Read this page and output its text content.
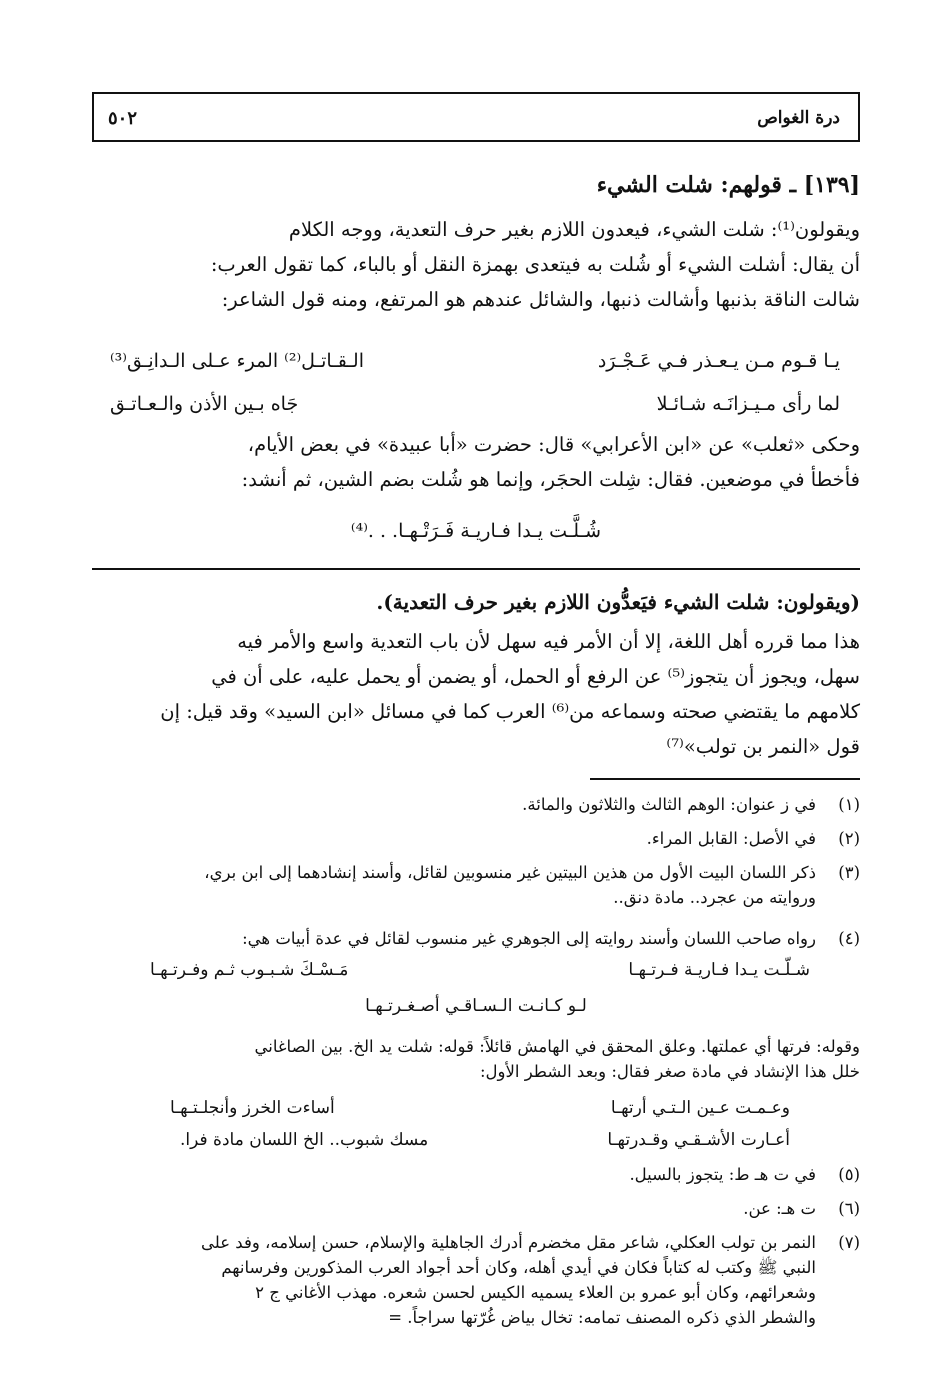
درة الغواص
٥٠٢
[١٣٩] ـ قولهم: شلت الشيء
ويقولون⁽¹⁾: شلت الشيء، فيعدون اللازم بغير حرف التعدية، ووجه الكلام
أن يقال: أشلت الشيء أو شُلت به فيتعدى بهمزة النقل أو بالباء، كما تقول العرب:
شالت الناقة بذنبها وأشالت ذنبها، والشائل عندهم هو المرتفع، ومنه قول الشاعر:
يـا قـوم مـن يـعـذر فـي عَـجْـرَد
الـقـاتـل⁽²⁾ المرء عـلى الـدانِـق⁽³⁾
لما رأى مـيـزانَـه شـائـلا
جَاه بـين الأذن والـعـاتـق
وحكى «ثعلب» عن «ابن الأعرابي» قال: حضرت «أبا عبيدة» في بعض الأيام،
فأخطأ في موضعين. فقال: شِلت الحجَر، وإنما هو شُلت بضم الشين، ثم أنشد:
شُـلَّـت يـدا فـاريـة فَـرَتْـهـا. . .⁽⁴⁾
(ويقولون: شلت الشيء فيَعدُّون اللازم بغير حرف التعدية).
هذا مما قرره أهل اللغة، إلا أن الأمر فيه سهل لأن باب التعدية واسع والأمر فيه
سهل، ويجوز أن يتجوز⁽⁵⁾ عن الرفع أو الحمل، أو يضمن أو يحمل عليه، على أن في
كلامهم ما يقتضي صحته وسماعه من⁽⁶⁾ العرب كما في مسائل «ابن السيد» وقد قيل: إن
قول «النمر بن تولب»⁽⁷⁾
(١)
في ز عنوان: الوهم الثالث والثلاثون والمائة.
(٢)
في الأصل: القابل المراء.
(٣)
ذكر اللسان البيت الأول من هذين البيتين غير منسوبين لقائل، وأسند إنشادهما إلى ابن بري،
وروايته من عجرد.. مادة دنق..
(٤)
رواه صاحب اللسان وأسند روايته إلى الجوهري غير منسوب لقائل في عدة أبيات هي:
شـلّـت يـدا فـاريـة فـرتـهـا
مَـسْـكَ شـبـوب ثـم وفـرتـهـا
لـو كـانـت الـسـاقـي أصـغـرتـهـا
وقوله: فرتها أي عملتها. وعلق المحقق في الهامش قائلاً: قوله: شلت يد الخ. بين الصاغاني
خلل هذا الإنشاد في مادة صغر فقال: وبعد الشطر الأول:
وعـمـت عـين الـتـي أرتهـا
أساءت الخرز وأنجلـتـهـا
أعـارت الأشـقـي وقـدرتهـا
مسك شبوب.. الخ اللسان مادة فرا.
(٥)
في ت هـ ط: يتجوز بالسيل.
(٦)
ت هـ: عن.
(٧)
النمر بن تولب العكلي، شاعر مقل مخضرم أدرك الجاهلية والإسلام، حسن إسلامه، وفد على
النبي ﷺ وكتب له كتاباً فكان في أيدي أهله، وكان أحد أجواد العرب المذكورين وفرسانهم
وشعرائهم، وكان أبو عمرو بن العلاء يسميه الكيس لحسن شعره. مهذب الأغاني ج ٢
والشطر الذي ذكره المصنف تمامه: تخال بياض غُرّتها سراجاً. =
